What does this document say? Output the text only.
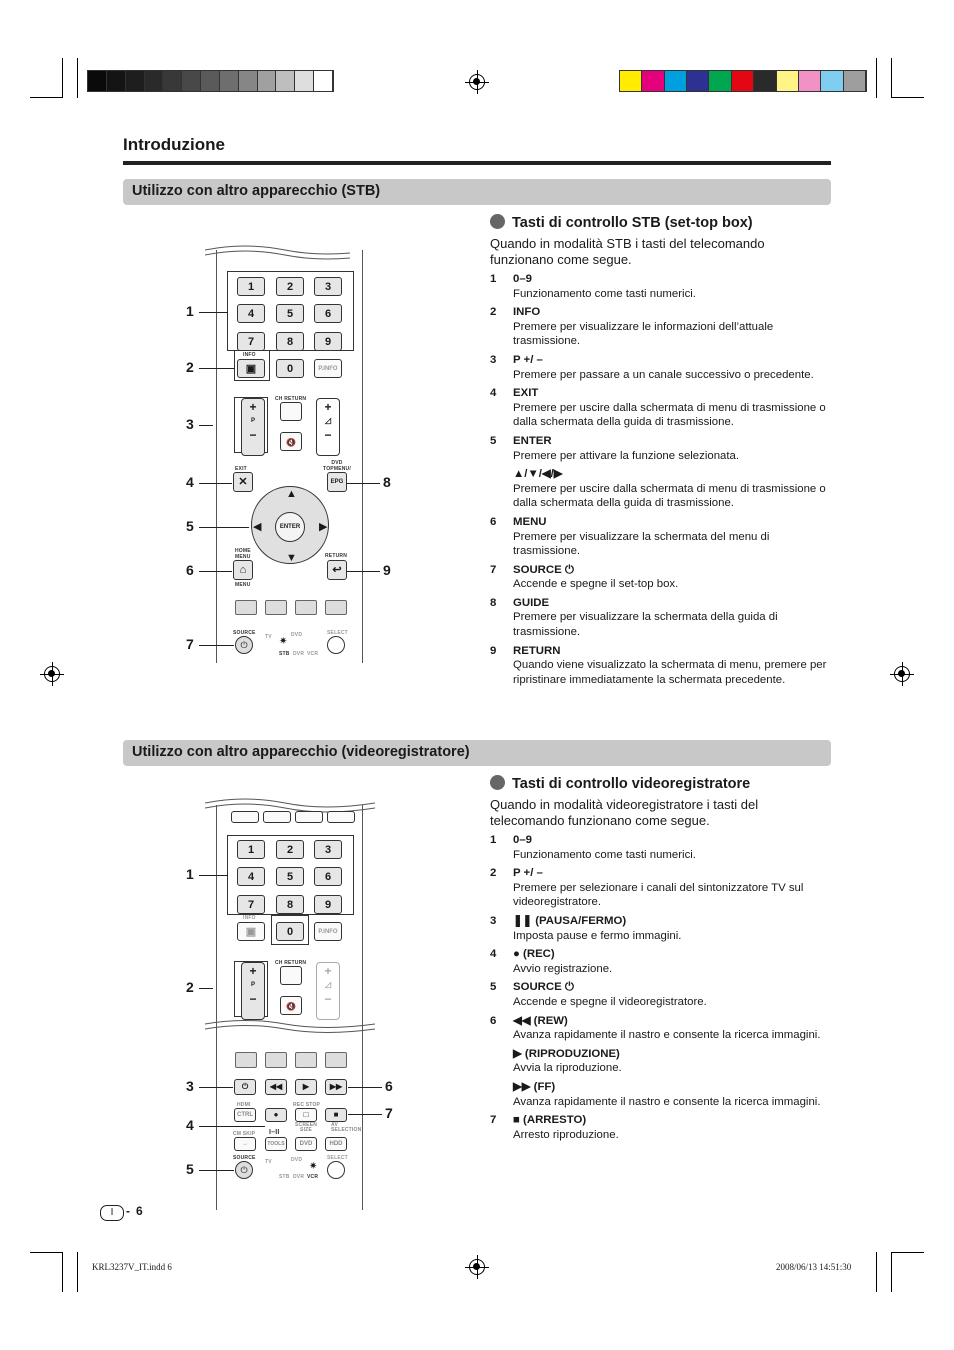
Introduzione
Utilizzo con altro apparecchio (STB)
Tasti di controllo STB (set-top box)
Quando in modalità STB i tasti del telecomando funzionano come segue.
1 0–9
Funzionamento come tasti numerici.
2 INFO
Premere per visualizzare le informazioni dell’attuale trasmissione.
3 P +/ –
Premere per passare a un canale successivo o precedente.
4 EXIT
Premere per uscire dalla schermata di menu di trasmissione o dalla schermata della guida di trasmissione.
5 ENTER
Premere per attivare la funzione selezionata.
▲/▼/◀/▶
Premere per uscire dalla schermata di menu di trasmissione o dalla schermata della guida di trasmissione.
6 MENU
Premere per visualizzare la schermata del menu di trasmissione.
7 SOURCE ⏻
Accende e spegne il set-top box.
8 GUIDE
Premere per visualizzare la schermata della guida di trasmissione.
9 RETURN
Quando viene visualizzato la schermata di menu, premere per ripristinare immediatamente la schermata precedente.
1	2	3
4	5	6
7	8	9
INFO
▣	0	P.INFO
+
P
−
CH RETURN
🔇
+
◿
−
EXIT
✕
DVD TOPMENU/
EPG
▲
▼
◀	▶
ENTER
HOME MENU
⌂
MENU
RETURN
↩
SOURCE
⏻
TV	DVD
STB DVR VCR
✷
SELECT
1
2
3
4
5
6
7
8
9
Utilizzo con altro apparecchio (videoregistratore)
Tasti di controllo videoregistratore
Quando in modalità videoregistratore i tasti del telecomando funzionano come segue.
1 0–9
Funzionamento come tasti numerici.
2 P +/ –
Premere per selezionare i canali del sintonizzatore TV sul videoregistratore.
3 ❚❚ (PAUSA/FERMO)
Imposta pause e fermo immagini.
4 ● (REC)
Avvio registrazione.
5 SOURCE ⏻
Accende e spegne il videoregistratore.
6 ◀◀ (REW)
Avanza rapidamente il nastro e consente la ricerca immagini.
▶ (RIPRODUZIONE)
Avvia la riproduzione.
▶▶ (FF)
Avanza rapidamente il nastro e consente la ricerca immagini.
7 ■ (ARRESTO)
Arresto riproduzione.
1	2	3
4	5	6
7	8	9
INFO
▣	0	P.INFO
+
P
−
CH RETURN
🔇
+
◿
−
⏻	◀◀	▶	▶▶
HDMI
CTRL
REC STOP
●	□	■
AV SELECTION
CM SKIP I–II
SCREEN SIZE
→	TOOLS	DVD	HDD
SOURCE
⏻
TV	DVD
STB DVR VCR
✷
SELECT
1
2
3
4
5
6
7
I	- 6
KRL3237V_IT.indd 6	2008/06/13 14:51:30
